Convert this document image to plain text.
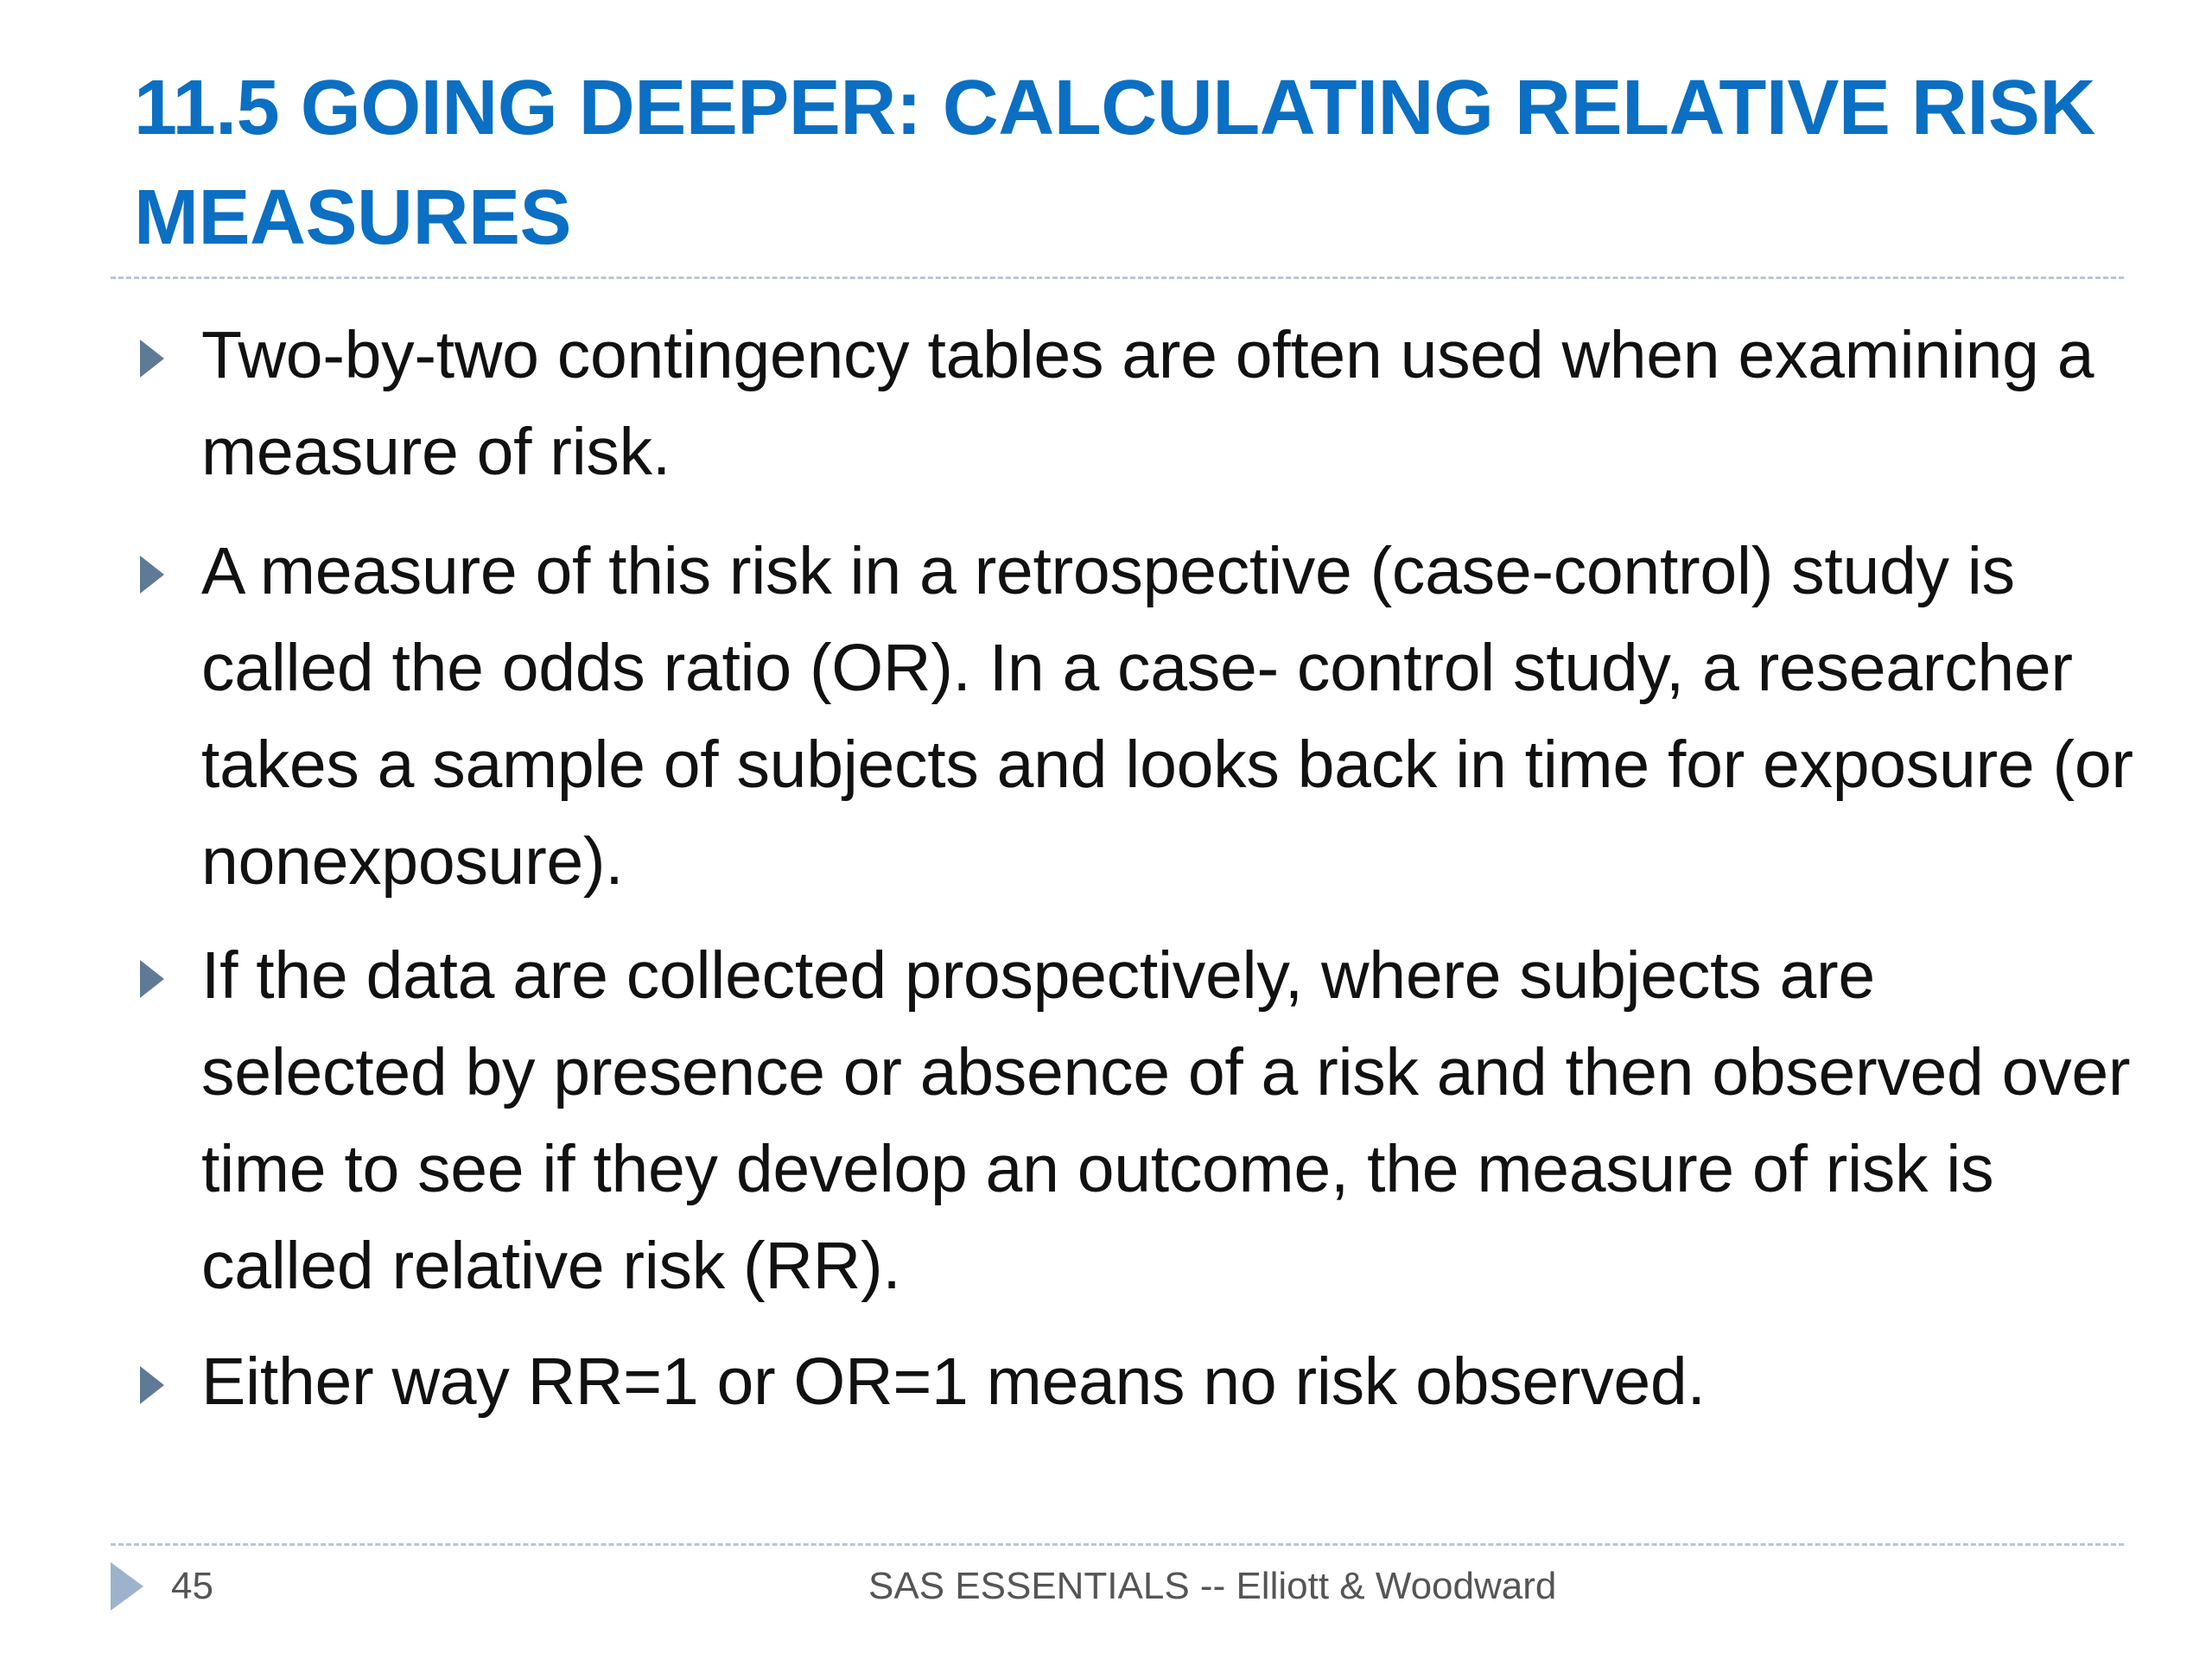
11.5 GOING DEEPER: CALCULATING RELATIVE RISK MEASURES
Two-by-two contingency tables are often used when examining a measure of risk.
A measure of this risk in a retrospective (case-control) study is called the odds ratio (OR). In a case- control study, a researcher takes a sample of subjects and looks back in time for exposure (or nonexposure).
If the data are collected prospectively, where subjects are selected by presence or absence of a risk and then observed over time to see if they develop an outcome, the measure of risk is called relative risk (RR).
Either way RR=1 or OR=1 means no risk observed.
45	SAS ESSENTIALS -- Elliott & Woodward
